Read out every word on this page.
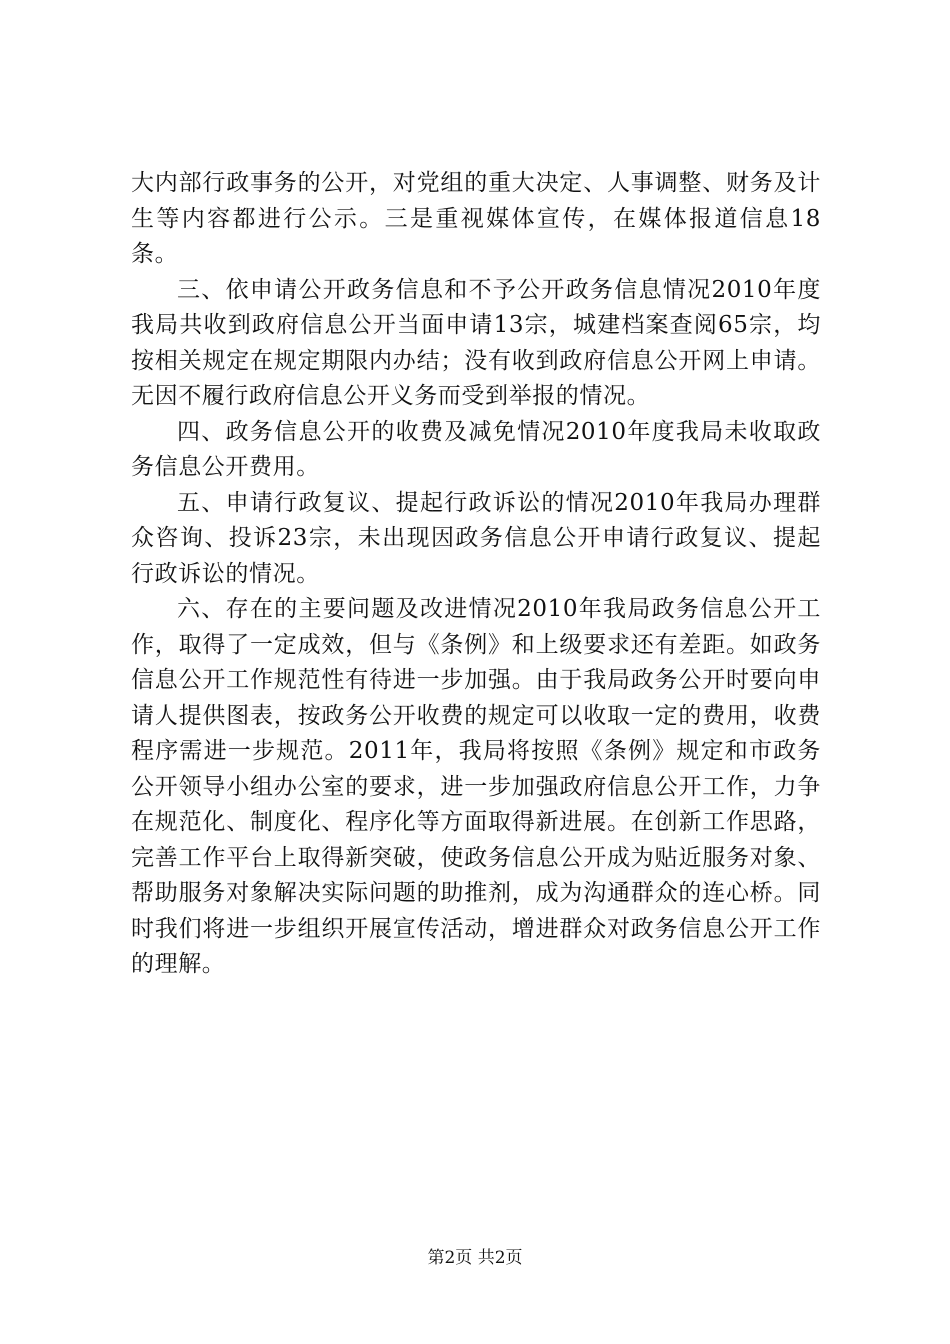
大内部行政事务的公开，对党组的重大决定、人事调整、财务及计生等内容都进行公示。三是重视媒体宣传，在媒体报道信息18条。

三、依申请公开政务信息和不予公开政务信息情况2010年度我局共收到政府信息公开当面申请13宗，城建档案查阅65宗，均按相关规定在规定期限内办结；没有收到政府信息公开网上申请。无因不履行政府信息公开义务而受到举报的情况。

四、政务信息公开的收费及减免情况2010年度我局未收取政务信息公开费用。

五、申请行政复议、提起行政诉讼的情况2010年我局办理群众咨询、投诉23宗，未出现因政务信息公开申请行政复议、提起行政诉讼的情况。

六、存在的主要问题及改进情况2010年我局政务信息公开工作，取得了一定成效，但与《条例》和上级要求还有差距。如政务信息公开工作规范性有待进一步加强。由于我局政务公开时要向申请人提供图表，按政务公开收费的规定可以收取一定的费用，收费程序需进一步规范。2011年，我局将按照《条例》规定和市政务公开领导小组办公室的要求，进一步加强政府信息公开工作，力争在规范化、制度化、程序化等方面取得新进展。在创新工作思路，完善工作平台上取得新突破，使政务信息公开成为贴近服务对象、帮助服务对象解决实际问题的助推剂，成为沟通群众的连心桥。同时我们将进一步组织开展宣传活动，增进群众对政务信息公开工作的理解。

第2页 共2页
